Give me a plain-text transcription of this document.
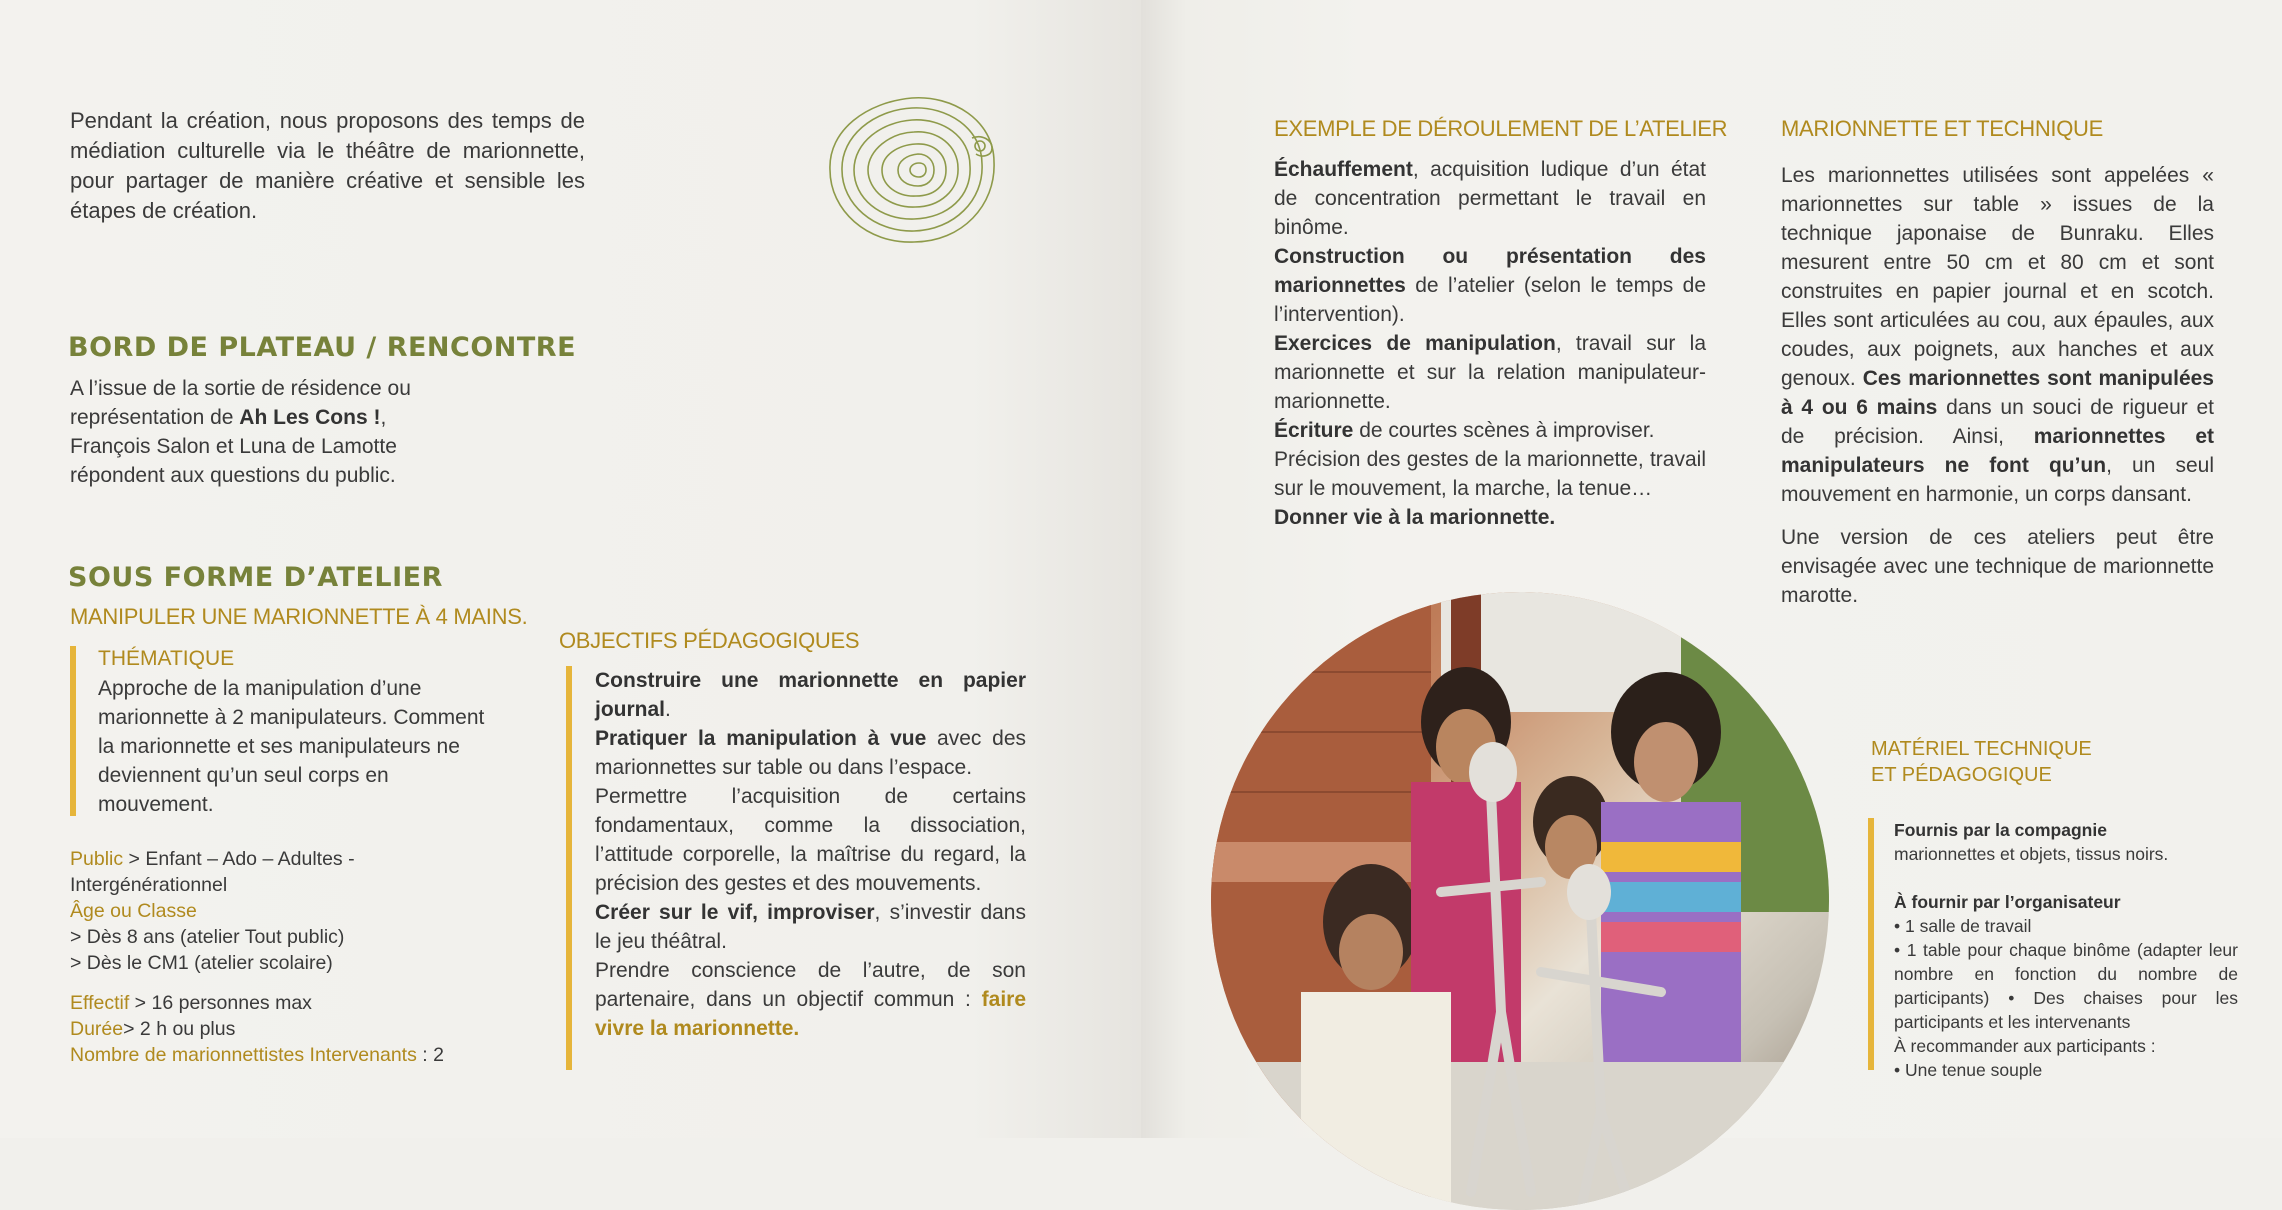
Pendant la création, nous proposons des temps de médiation culturelle via le théâtre de marionnette, pour partager de manière créative et sensible les étapes de création.

BORD DE PLATEAU / RENCONTRE

A l’issue de la sortie de résidence ou représentation de Ah Les Cons !, François Salon et Luna de Lamotte répondent aux questions du public.

SOUS FORME D’ATELIER
MANIPULER UNE MARIONNETTE À 4 MAINS.
THÉMATIQUE
Approche de la manipulation d’une marionnette à 2 manipulateurs. Comment la marionnette et ses manipulateurs ne deviennent qu’un seul corps en mouvement.
Public > Enfant – Ado – Adultes - Intergénérationnel
Âge ou Classe
> Dès 8 ans (atelier Tout public)
> Dès le CM1 (atelier scolaire)
Effectif > 16 personnes max
Durée> 2 h ou plus
Nombre de marionnettistes Intervenants : 2
OBJECTIFS PÉDAGOGIQUES
Construire une marionnette en papier journal.
Pratiquer la manipulation à vue avec des marionnettes sur table ou dans l’espace.
Permettre l’acquisition de certains fondamentaux, comme la dissociation, l’attitude corporelle, la maîtrise du regard, la précision des gestes et des mouvements.
Créer sur le vif, improviser, s’investir dans le jeu théâtral.
Prendre conscience de l’autre, de son partenaire, dans un objectif commun : faire vivre la marionnette.
EXEMPLE DE DÉROULEMENT DE L’ATELIER
Échauffement, acquisition ludique d’un état de concentration permettant le travail en binôme.
Construction ou présentation des marionnettes de l’atelier (selon le temps de l’intervention).
Exercices de manipulation, travail sur la marionnette et sur la relation manipulateur-marionnette.
Écriture de courtes scènes à improviser.
Précision des gestes de la marionnette, travail sur le mouvement, la marche, la tenue…
Donner vie à la marionnette.
MARIONNETTE ET TECHNIQUE

Les marionnettes utilisées sont appelées « marionnettes sur table » issues de la technique japonaise de Bunraku. Elles mesurent entre 50 cm et 80 cm et sont construites en papier journal et en scotch. Elles sont articulées au cou, aux épaules, aux coudes, aux poignets, aux hanches et aux genoux. Ces marionnettes sont manipulées à 4 ou 6 mains dans un souci de rigueur et de précision. Ainsi, marionnettes et manipulateurs ne font qu’un, un seul mouvement en harmonie, un corps dansant.

Une version de ces ateliers peut être envisagée avec une technique de marionnette marotte.

MATÉRIEL TECHNIQUE
ET PÉDAGOGIQUE
Fournis par la compagnie
marionnettes et objets, tissus noirs.
À fournir par l’organisateur
• 1 salle de travail
• 1 table pour chaque binôme (adapter leur nombre en fonction du nombre de participants) • Des chaises pour les participants et les intervenants
À recommander aux participants :
• Une tenue souple
